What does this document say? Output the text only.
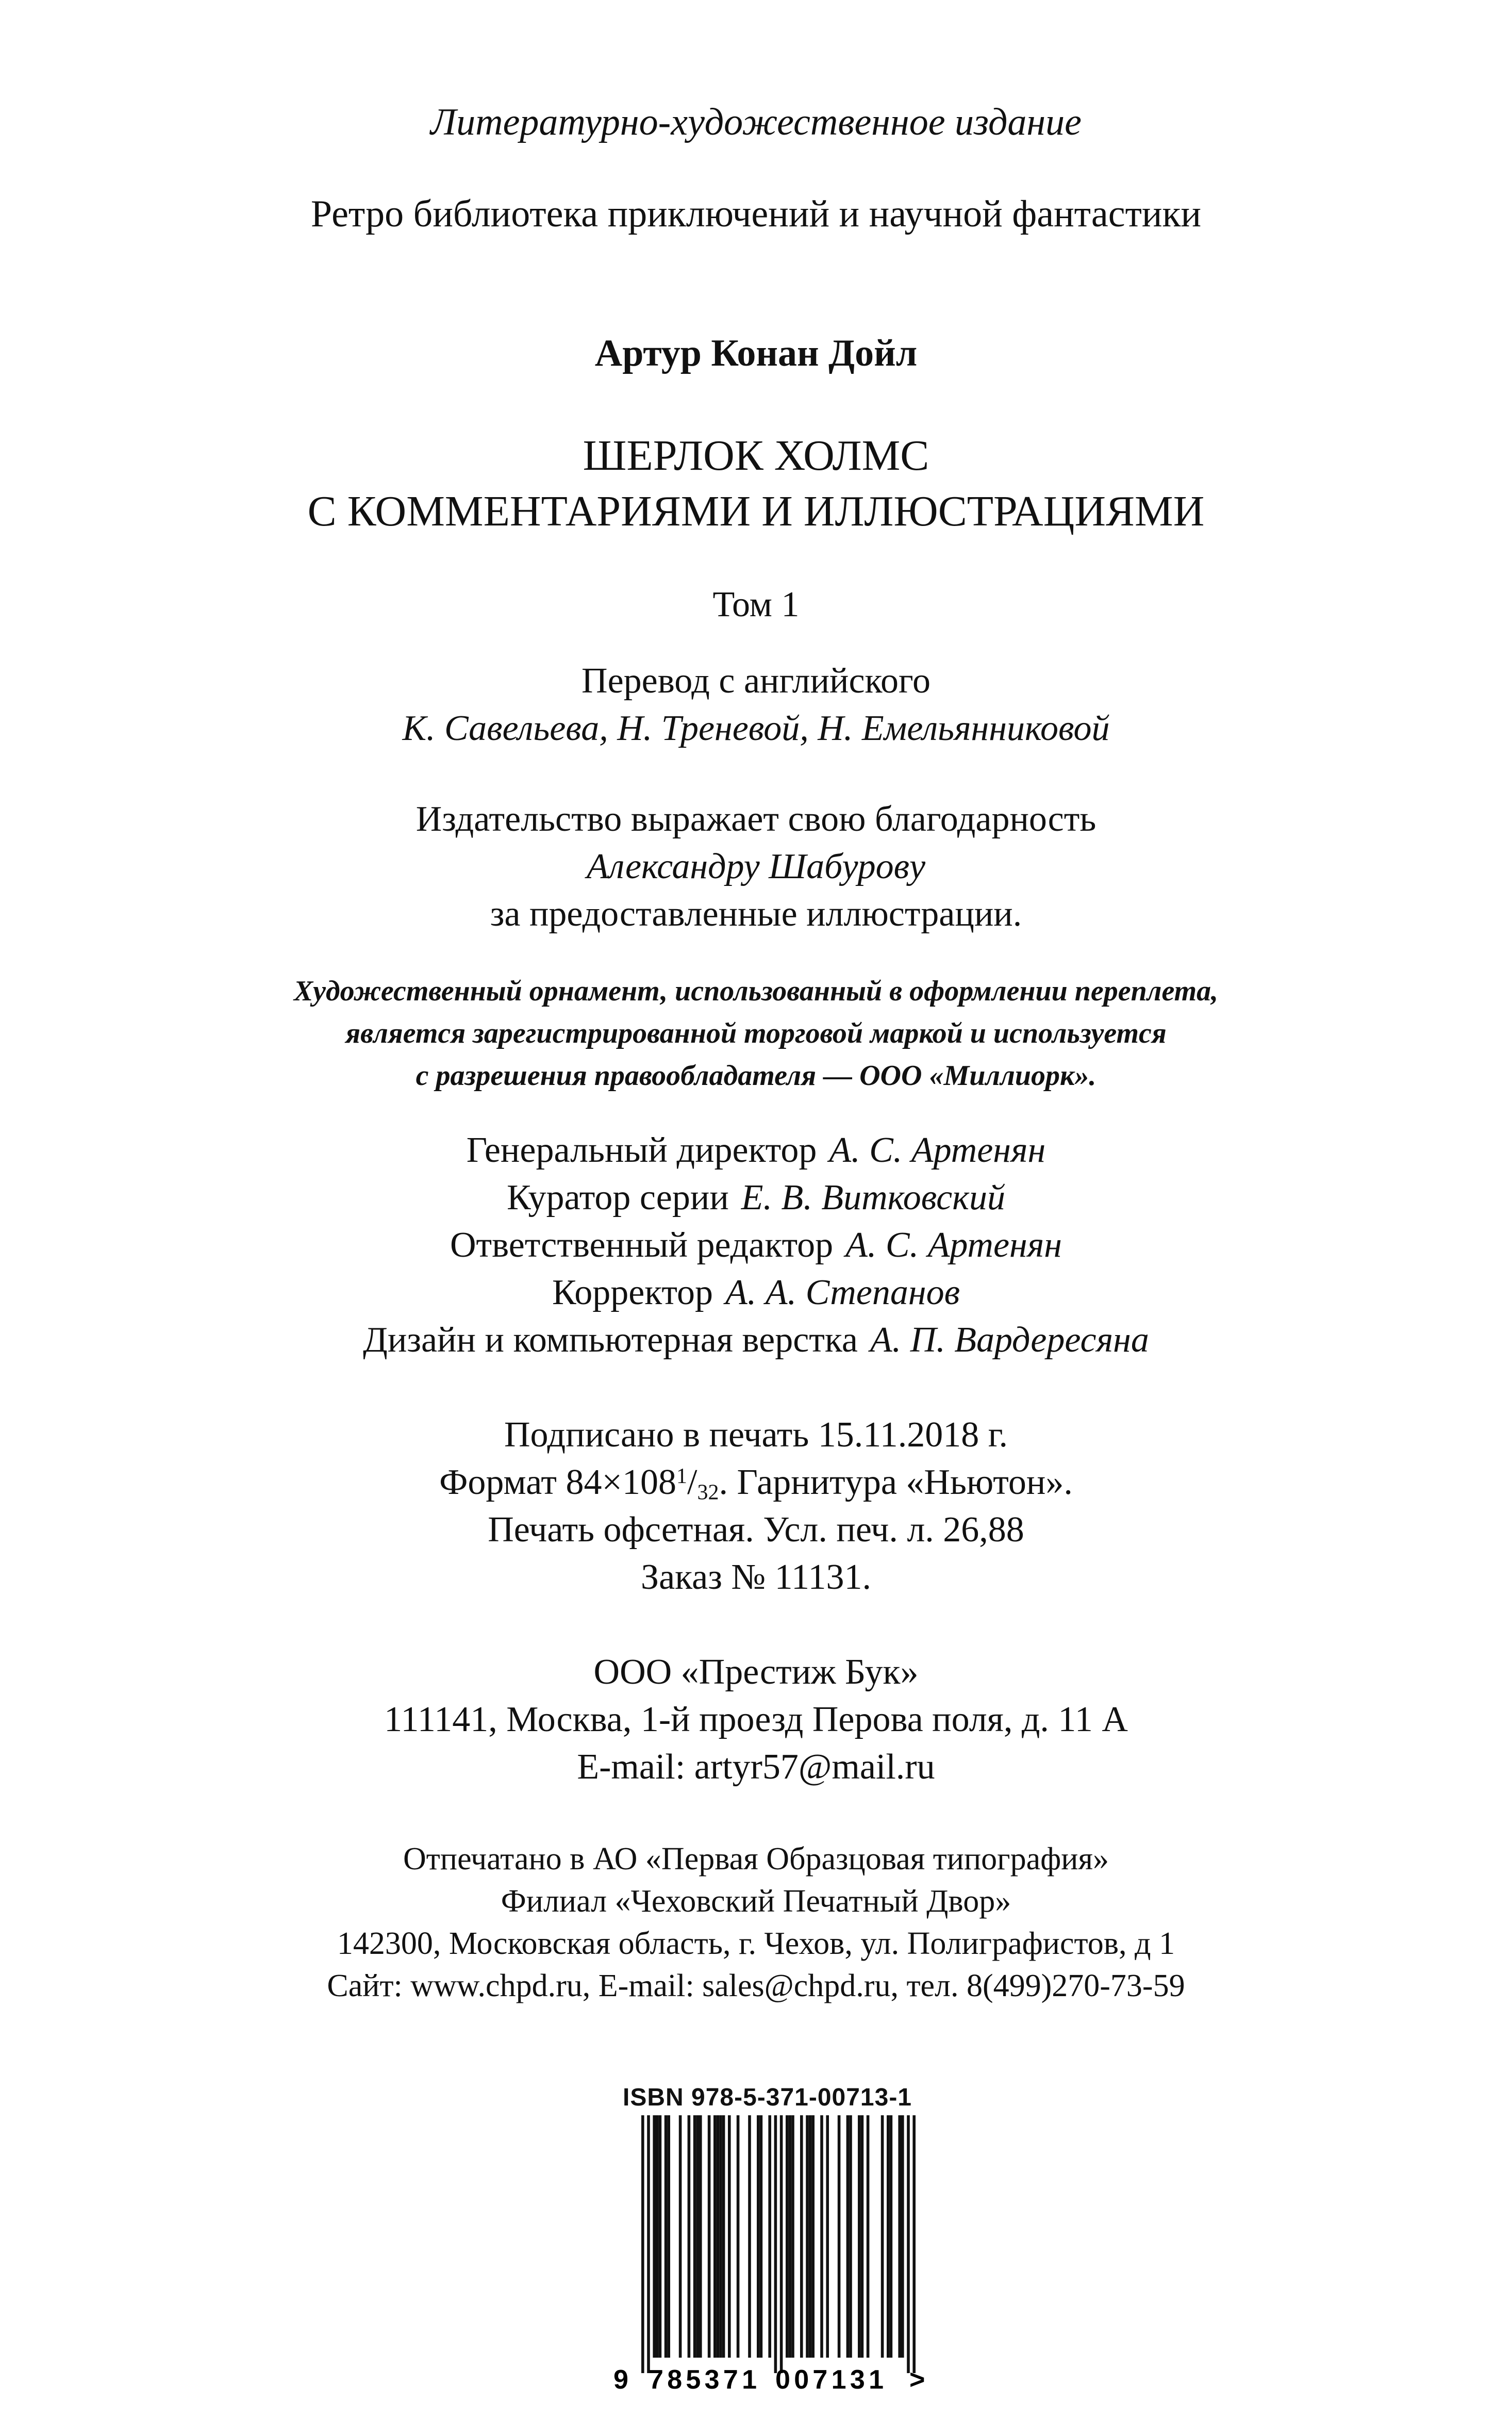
Литературно-художественное издание
Ретро библиотека приключений и научной фантастики
Артур Конан Дойл
ШЕРЛОК ХОЛМС
С КОММЕНТАРИЯМИ И ИЛЛЮСТРАЦИЯМИ
Том 1
Перевод с английского
К. Савельева, Н. Треневой, Н. Емельянниковой
Издательство выражает свою благодарность
Александру Шабурову
за предоставленные иллюстрации.
Художественный орнамент, использованный в оформлении переплета,
является зарегистрированной торговой маркой и используется
с разрешения правообладателя — ООО «Миллиорк».
Генеральный директор А. С. Артенян
Куратор серии Е. В. Витковский
Ответственный редактор А. С. Артенян
Корректор А. А. Степанов
Дизайн и компьютерная верстка А. П. Вардересяна
Подписано в печать 15.11.2018 г.
Формат $84\times 108^1/_{32}$. Гарнитура «Ньютон».
Печать офсетная. Усл. печ. л. 26,88
Заказ № 11131.
ООО «Престиж Бук»
111141, Москва, 1-й проезд Перова поля, д. 11 А
E-mail: artyr57@mail.ru
Отпечатано в АО «Первая Образцовая типография»
Филиал «Чеховский Печатный Двор»
142300, Московская область, г. Чехов, ул. Полиграфистов, д 1
Сайт: www.chpd.ru, E-mail: sales@chpd.ru, тел. 8(499)270-73-59
ISBN 978-5-371-00713-1
9 785371 007131 >
